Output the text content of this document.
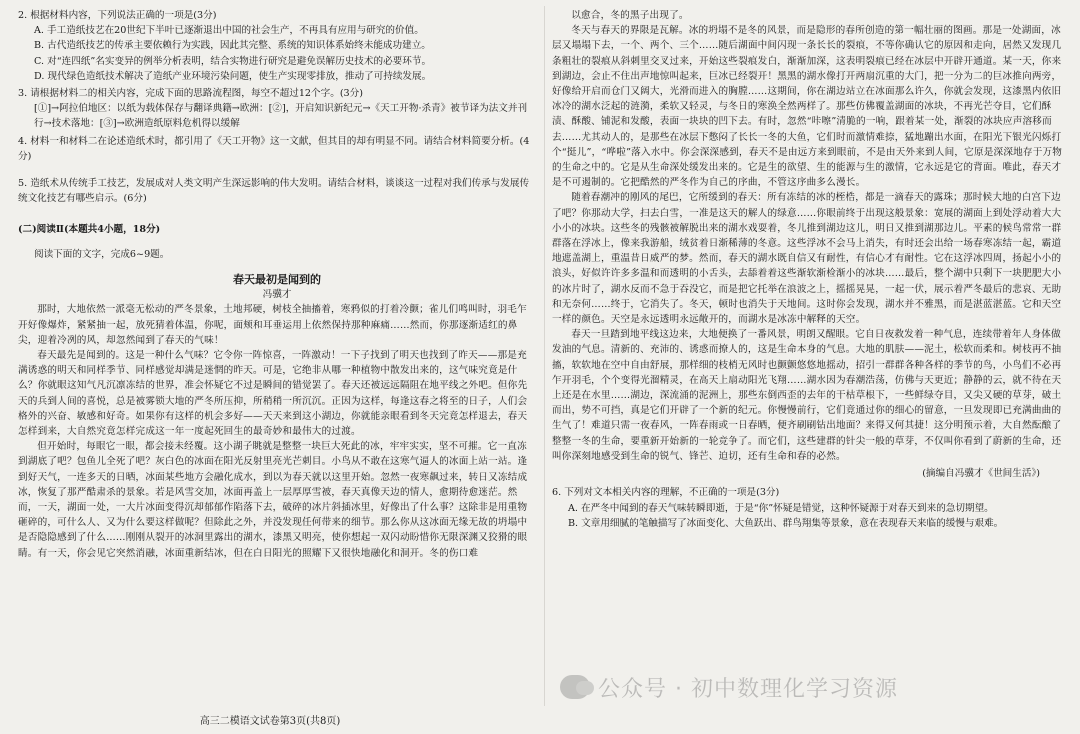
2. 根据材料内容，下列说法正确的一项是(3分)

A. 手工造纸技艺在20世纪下半叶已逐渐退出中国的社会生产，不再具有应用与研究的价值。

B. 古代造纸技艺的传承主要依赖行为实践，因此其完整、系统的知识体系始终未能成功建立。

C. 对“连四纸”名实变异的例举分析表明，结合实物进行研究是避免误解历史技术的必要环节。

D. 现代绿色造纸技术解决了造纸产业环境污染问题，使生产实现零排放，推动了可持续发展。

3. 请根据材料二的相关内容，完成下面的思路流程图，每空不超过12个字。(3分)

[①]→阿拉伯地区：以纸为载体保存与翻译典籍→欧洲：[②]，开启知识新纪元→《天工开物·杀青》被节译为法文并刊行→技术落地：[③]→欧洲造纸原料危机得以缓解

4. 材料一和材料二在论述造纸术时，都引用了《天工开物》这一文献，但其目的却有明显不同。请结合材料简要分析。(4分)

5. 造纸术从传统手工技艺，发展成对人类文明产生深远影响的伟大发明。请结合材料，谈谈这一过程对我们传承与发展传统文化技艺有哪些启示。(6分)

(二)阅读Ⅱ(本题共4小题，18分)

阅读下面的文字，完成6~9题。

春天最初是闻到的

冯骥才

那时，大地依然一派毫无松动的严冬景象，土地邦硬，树枝全抽搐着，寒鸦似的打着冷颤；雀儿们鸣叫时，羽毛乍开好像爆炸，紧紧抽一起，放死猜着体温，你呢，面颊和耳垂运用上依然保持那种麻痛……然而，你那逐渐适红的鼻尖，迎着冷冽的风，却忽然闻到了春天的气味！

春天最先是闻到的。这是一种什么气味？它令你一阵惊喜，一阵激动！一下子找到了明天也找到了昨天——那是充满诱惑的明天和同样季节、同样感觉却满是迷惘的昨天。可是，它绝非从哪一种植物中散发出来的，这气味究竟是什么？你就眼这知气凡沉凛冻结的世界，准会怀疑它不过是瞬间的错觉罢了。春天还被远远隔阻在地平线之外吧。但你先天的兵到人间的喜悦，总是被雾锁大地的严冬所压抑，所稍稍一所沉沉。正因为这样，每逢这春之将至的日子，人们会格外的兴奋、敏感和好奇。如果你有这样的机会多好——天天来到这小湖边，你就能亲眼看到冬天完竟怎样退去，春天怎样到来，大自然究竟怎样完成这一年一度起死回生的最奇妙和最伟大的过渡。

但开始时，每眼它一眼，都会接未经覆。这小湖子眺就是整整一块巨大死此的冰，牢牢实实，坚不可摧。它一直冻到湖底了吧？包鱼儿全死了吧？灰白色的冰面在阳光反射里亮光芒刺目。小鸟从不敢在这寒气逼人的冰面上站一站。逢到好天气，一连多天的日晒，冰面某些地方会融化成水，到以为春天就以这里开始。忽然一夜寒飙过来，转日又冻结成冰，恢复了那严酷肃杀的景象。若是风雪交加，冰面再盖上一层厚厚雪被，春天真像天边的情人，愈期待愈迷茫。然而，一天，湖面一处，一大片冰面变得沉却郁郁作陷落下去，破碎的冰片斜插冰里，好像出了什么事？这除非是用重物砸碎的，可什么人、又为什么要这样做呢？但除此之外，并没发现任何带来的细节。那么你从这冰面无缘无故的坍塌中是否隐隐感到了什么……刚刚从裂开的冰洞里露出的湖水，漆黑又明亮，使你想起一双闪动盼惜你无限深渊又狡猾的眼睛。有一天，你会见它突然消融，冰面重新结冰，但在白日阳光的照耀下又很快地融化和洞开。冬的伤口难

以愈合，冬的黑子出现了。

冬天与春天的界限是瓦解。冰的坍塌不是冬的风景，而是隐形的春所创造的第一幅壮丽的图画。那是一处湖面，冰层又塌塌下去，一个、两个、三个……随后湖面中间闪现一条长长的裂痕，不等你确认它的原因和走向，居然又发现几条粗壮的裂痕从斜刺里交叉过来，开始这些裂痕发白，渐渐加深，这表明裂痕已经在冰层中开辟开通道。某一天，你来到湖边，会止不住出声地惊叫起来，巨冰已经裂开！黑黑的湖水像打开两扇沉重的大门，把一分为二的巨冰推向两旁，好像给开启而仓门又阔大，光滑而进入的胸膛……这期间，你在湖边站立在冰面那么许久，你就会发现，这漆黑内依旧冰冷的湖水泛起的涟漪，柔软又轻灵，与冬日的寒涣全然两样了。那些仿佛覆盖湖面的冰块，不再光芒夺目，它们酥渍、酥酸、铺泥和发酸，表面一块块的凹下去。有时，忽然“咔嚓”清脆的一响，跟着某一处，渐裂的冰块应声溶移而去……尤其动人的，是那些在冰层下憋闷了长长一冬的大鱼，它们时而激情难捺，猛地蹦出水面，在阳光下银光闪烁打个“挺儿”，“哗啦”落入水中。你会深深感到，春天不是由远方来到眼前，不是由天外来到人间，它原是深深地存于万物的生命之中的。它是从生命深处缓发出来的。它是生的欲望、生的能源与生的激情，它永远是它的背面。唯此，春天才是不可遏制的。它把酷然的严冬作为自己的序曲，不管这序曲多么漫长。

随着春潮冲的刚风的尾巴，它所缓到的春天：所有冻结的冰的桎梏，都是一滴春天的露珠；那时候大地的白宫下边了吧？你那动大学，扫去白雪，一准是这天的解人的绿意……你眼前终于出现这般景象：宽展的湖面上到处浮动着大大小小的冰块。这些冬的残骸被解脱出来的湖水戏耍着，冬儿推到湖边这儿，明日又推到湖那边儿。平素的候鸟常常一群群落在浮冰上，像来我游船，绒贫着日渐稀薄的冬意。这些浮冰不会马上消失，有时还会出给一场春寒冻结一起，霸道地遮盖湖上，重温昔日威严的梦。然而，春天的湖水既自信又有耐性，有信心才有耐性。它在这浮冰四周，扬起小小的浪头，好似许许多多温和而透明的小舌头，去舔着着这些渐软渐检渐小的冰块……最后，整个湖中只剩下一块肥肥大小的冰片时了，湖水反而不急于吞没它，而是把它托举在浪波之上，摇摇晃晃，一起一伏，展示着严冬最后的悲哀、无助和无奈何……终于，它消失了。冬天，顿时也消失于天地间。这时你会发现，湖水并不雅黑，而是湛蓝湛蓝。它和天空一样的颜色。天空是永远透明永远敞开的，而湖水是冰冻中解释的天空。

春天一旦踏到地平线这边来，大地便换了一番风景，明朗又醒眼。它自日夜救发着一种气息，连续带着年人身体做发油的气息。清新的、充沛的、诱惑而撩人的，这是生命本身的气息。大地的肌肤——泥土，松软而柔和。树枝再不抽搐，软软地在空中自由舒展，那样细的枝梢无风时也颤颤悠悠地摇动，招引一群群各种各样的季节的鸟，小鸟们不必再乍开羽毛，个个变得光溜精灵，在高天上扇动阳光飞翔……湖水因为春潮浩荡，仿佛与天更近；静静的云，就不待在天上还是在水里……湖边，深流涌的泥洲上，那些东倒西歪的去年的干枯草根下，一些鲜绿夺目，又尖又硬的草芽，破土而出，势不可挡，真是它们开辟了一个新的纪元。你慢慢前行，它们竟通过你的细心的留意，一旦发现即已充满曲曲的生气了！难道只需一夜春风，一阵春雨或一日春晒，便齐刷刷钻出地面？来得又何其捷！这分明预示着，大自然酝酿了整整一冬的生命，要重新开始新的一轮竞争了。而它们，这些建群的针尖一般的草芽，不仅叫你看到了蔚新的生命，还叫你深刻地感受到生命的锐气、锋芒、迫切，还有生命和春的必然。

(摘编自冯骥才《世间生活》)

6. 下列对文本相关内容的理解，不正确的一项是(3分)

A. 在严冬中闻到的春天气味转瞬即逝，于是“你”怀疑是错觉，这种怀疑源于对春天到来的急切期望。

B. 文章用细腻的笔触描写了冰面变化、大鱼跃出、群鸟翔集等景象，意在表现春天来临的缓慢与艰难。

高三二模语文试卷第3页(共8页)
公众号 · 初中数理化学习资源
